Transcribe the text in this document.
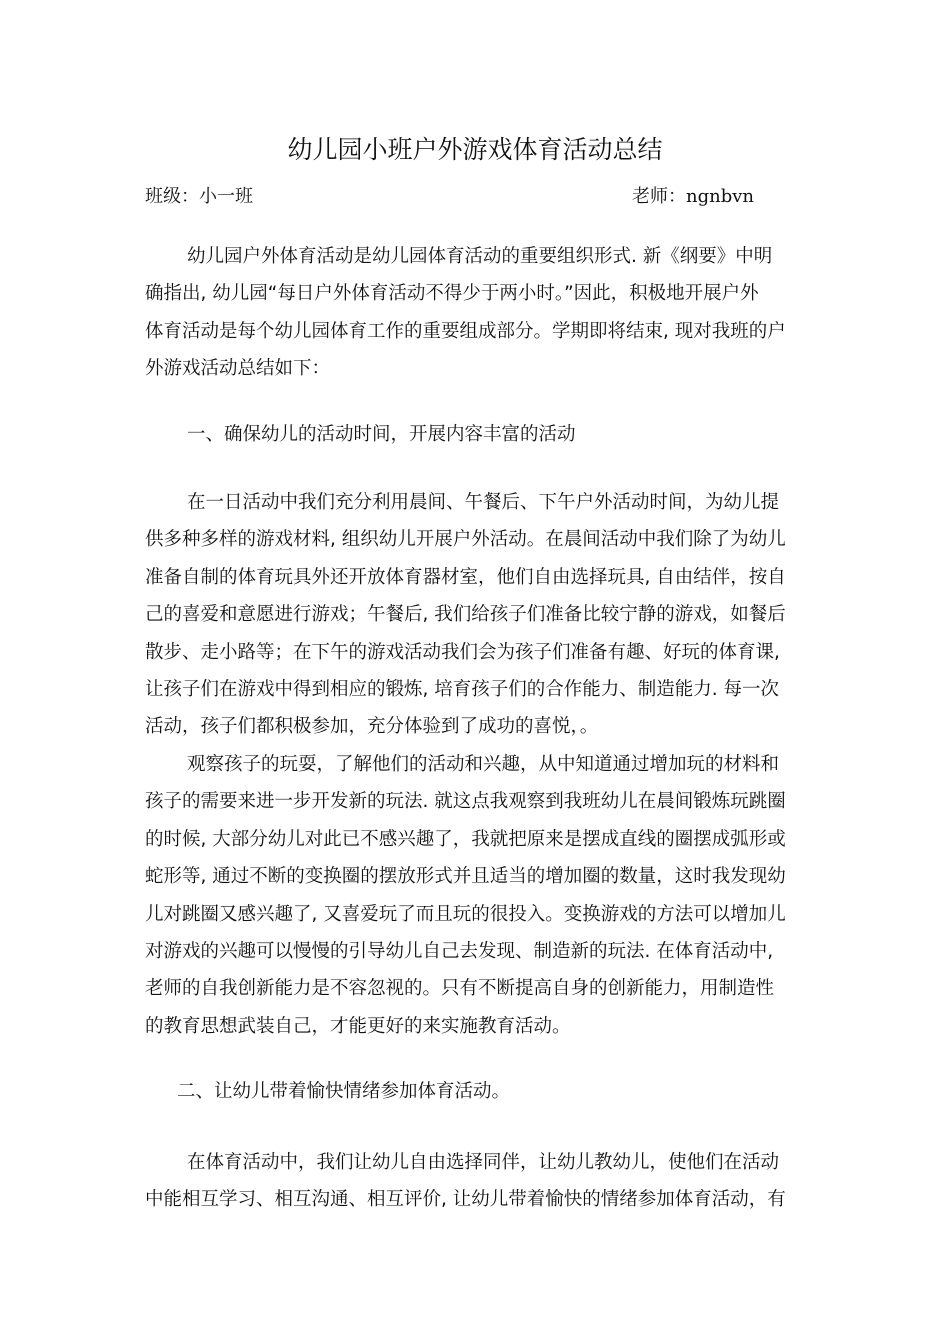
幼儿园小班户外游戏体育活动总结
班级：小一班	老师：ngnbvn
幼儿园户外体育活动是幼儿园体育活动的重要组织形式. 新《纲要》中明
确指出, 幼儿园“每日户外体育活动不得少于两小时。”因此，积极地开展户外
体育活动是每个幼儿园体育工作的重要组成部分。学期即将结束, 现对我班的户
外游戏活动总结如下：
一、确保幼儿的活动时间，开展内容丰富的活动
在一日活动中我们充分利用晨间、午餐后、下午户外活动时间，为幼儿提
供多种多样的游戏材料, 组织幼儿开展户外活动。在晨间活动中我们除了为幼儿
准备自制的体育玩具外还开放体育器材室，他们自由选择玩具, 自由结伴，按自
己的喜爱和意愿进行游戏；午餐后, 我们给孩子们准备比较宁静的游戏，如餐后
散步、走小路等；在下午的游戏活动我们会为孩子们准备有趣、好玩的体育课,
让孩子们在游戏中得到相应的锻炼, 培育孩子们的合作能力、制造能力. 每一次
活动，孩子们都积极参加，充分体验到了成功的喜悦，。
观察孩子的玩耍，了解他们的活动和兴趣，从中知道通过增加玩的材料和
孩子的需要来进一步开发新的玩法. 就这点我观察到我班幼儿在晨间锻炼玩跳圈
的时候, 大部分幼儿对此已不感兴趣了，我就把原来是摆成直线的圈摆成弧形或
蛇形等, 通过不断的变换圈的摆放形式并且适当的增加圈的数量，这时我发现幼
儿对跳圈又感兴趣了, 又喜爱玩了而且玩的很投入。变换游戏的方法可以增加儿
对游戏的兴趣可以慢慢的引导幼儿自己去发现、制造新的玩法. 在体育活动中,
老师的自我创新能力是不容忽视的。只有不断提高自身的创新能力，用制造性
的教育思想武装自己，才能更好的来实施教育活动。
二、让幼儿带着愉快情绪参加体育活动。
在体育活动中，我们让幼儿自由选择同伴，让幼儿教幼儿，使他们在活动
中能相互学习、相互沟通、相互评价, 让幼儿带着愉快的情绪参加体育活动，有
